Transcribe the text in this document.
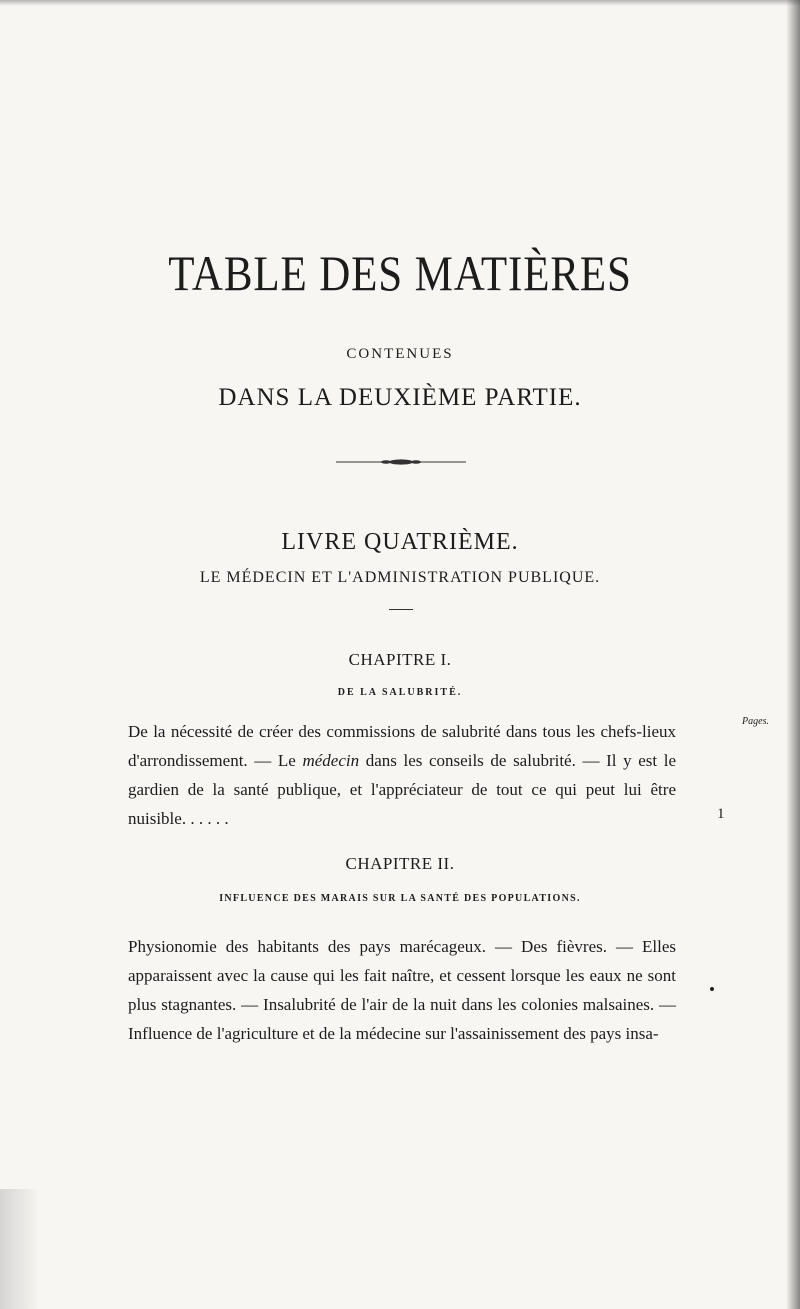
TABLE DES MATIÈRES
CONTENUES
DANS LA DEUXIÈME PARTIE.
LIVRE QUATRIÈME.
LE MÉDECIN ET L'ADMINISTRATION PUBLIQUE.
CHAPITRE I.
DE LA SALUBRITÉ.
Pages.
De la nécessité de créer des commissions de salubrité dans tous les chefs-lieux d'arrondissement. — Le médecin dans les conseils de salubrité. — Il y est le gardien de la santé publique, et l'appréciateur de tout ce qui peut lui être nuisible. . . . . .	1
CHAPITRE II.
INFLUENCE DES MARAIS SUR LA SANTÉ DES POPULATIONS.
Physionomie des habitants des pays marécageux. — Des fièvres. — Elles apparaissent avec la cause qui les fait naître, et cessent lorsque les eaux ne sont plus stagnantes. — Insalubrité de l'air de la nuit dans les colonies malsaines. — Influence de l'agriculture et de la médecine sur l'assainissement des pays insa-
